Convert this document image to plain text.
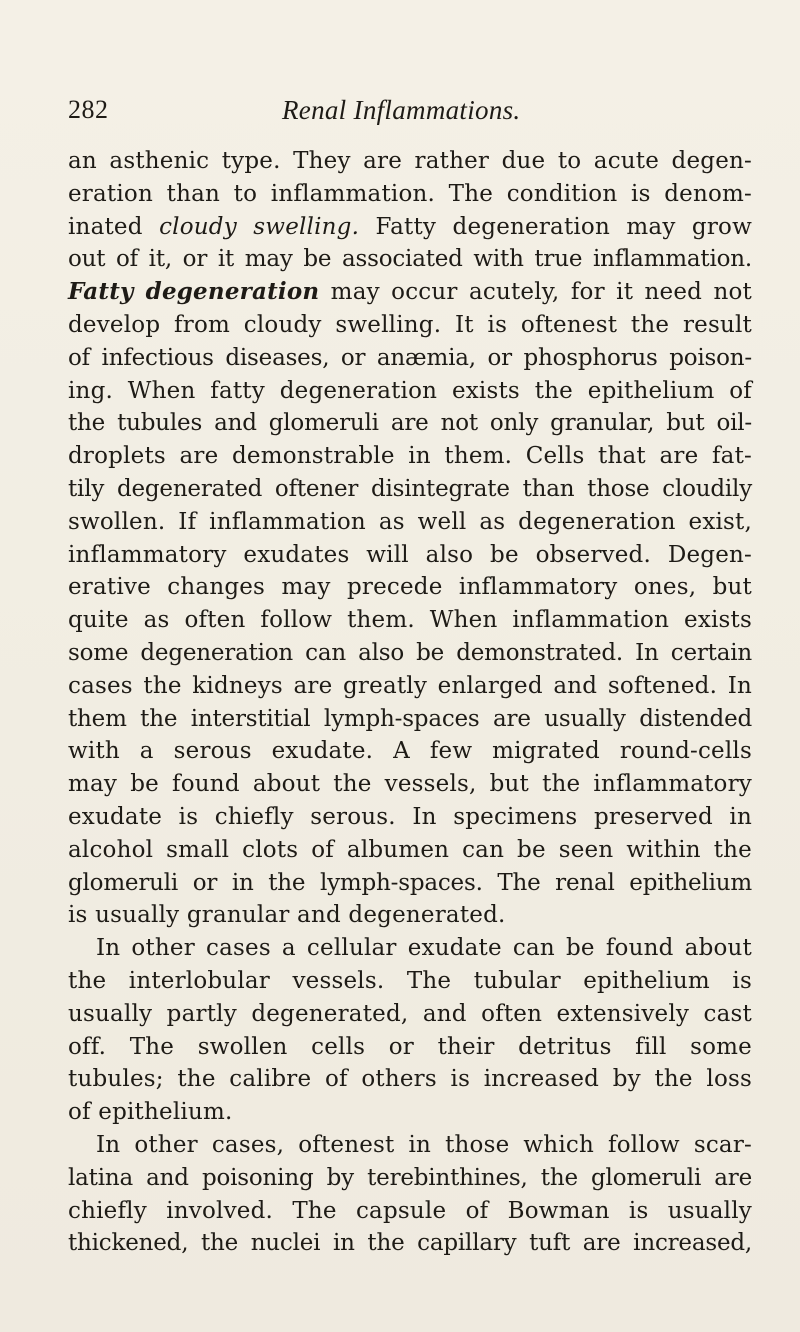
282	Renal Inflammations.
an asthenic type. They are rather due to acute degen-
eration than to inflammation. The condition is denom-
inated cloudy swelling. Fatty degeneration may grow
out of it, or it may be associated with true inflammation.
Fatty degeneration may occur acutely, for it need not
develop from cloudy swelling. It is oftenest the result
of infectious diseases, or anæmia, or phosphorus poison-
ing. When fatty degeneration exists the epithelium of
the tubules and glomeruli are not only granular, but oil-
droplets are demonstrable in them. Cells that are fat-
tily degenerated oftener disintegrate than those cloudily
swollen. If inflammation as well as degeneration exist,
inflammatory exudates will also be observed. Degen-
erative changes may precede inflammatory ones, but
quite as often follow them. When inflammation exists
some degeneration can also be demonstrated. In certain
cases the kidneys are greatly enlarged and softened. In
them the interstitial lymph-spaces are usually distended
with a serous exudate. A few migrated round-cells
may be found about the vessels, but the inflammatory
exudate is chiefly serous. In specimens preserved in
alcohol small clots of albumen can be seen within the
glomeruli or in the lymph-spaces. The renal epithelium
is usually granular and degenerated.
In other cases a cellular exudate can be found about
the interlobular vessels. The tubular epithelium is
usually partly degenerated, and often extensively cast
off. The swollen cells or their detritus fill some
tubules; the calibre of others is increased by the loss
of epithelium.
In other cases, oftenest in those which follow scar-
latina and poisoning by terebinthines, the glomeruli are
chiefly involved. The capsule of Bowman is usually
thickened, the nuclei in the capillary tuft are increased,
